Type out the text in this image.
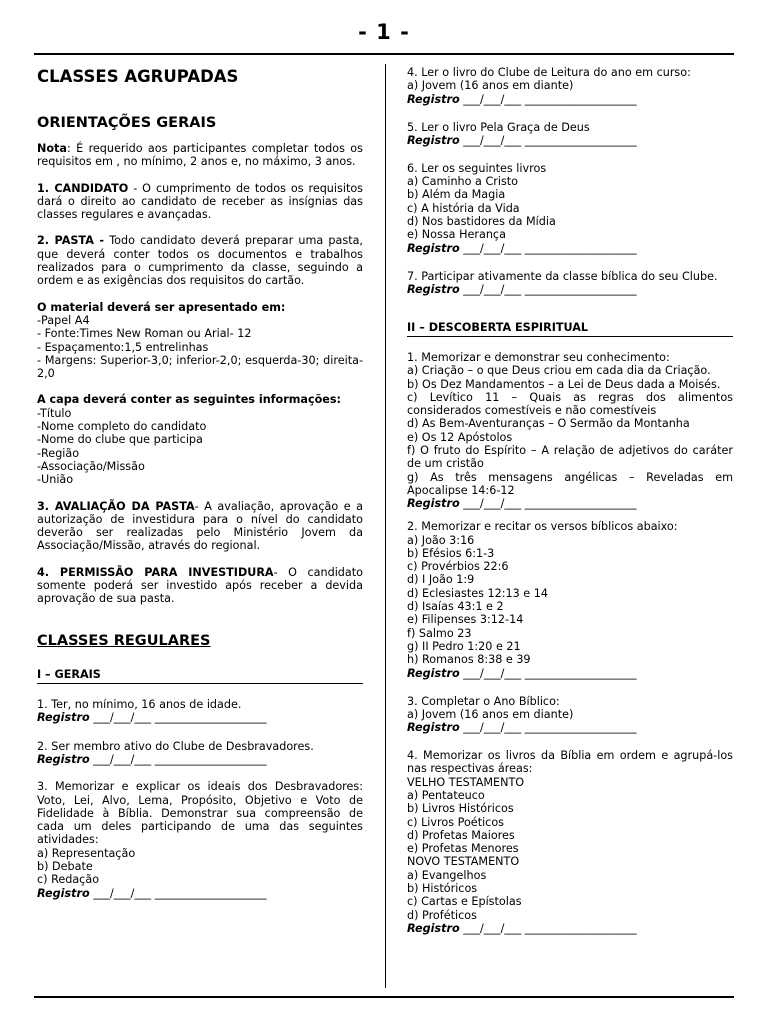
- 1 -
CLASSES AGRUPADAS
ORIENTAÇÕES GERAIS

Nota: É requerido aos participantes completar todos os requisitos em , no mínimo, 2 anos e, no máximo, 3 anos.

1. CANDIDATO - O cumprimento de todos os requisitos dará o direito ao candidato de receber as insígnias das classes regulares e avançadas.

2. PASTA - Todo candidato deverá preparar uma pasta, que deverá conter todos os documentos e trabalhos realizados para o cumprimento da classe, seguindo a ordem e as exigências dos requisitos do cartão.

O material deverá ser apresentado em:
-Papel A4
- Fonte:Times New Roman ou Arial- 12
- Espaçamento:1,5 entrelinhas

- Margens: Superior-3,0; inferior-2,0; esquerda-30; direita-2,0

A capa deverá conter as seguintes informações:
-Título
-Nome completo do candidato
-Nome do clube que participa
-Região
-Associação/Missão
-União

3. AVALIAÇÃO DA PASTA- A avaliação, aprovação e a autorização de investidura para o nível do candidato deverão ser realizadas pelo Ministério Jovem da Associação/Missão, através do regional.

4. PERMISSÃO PARA INVESTIDURA- O candidato somente poderá ser investido após receber a devida aprovação de sua pasta.

CLASSES REGULARES
I – GERAIS
1. Ter, no mínimo, 16 anos de idade.
Registro ___/___/___ ____________________
2. Ser membro ativo do Clube de Desbravadores.
Registro ___/___/___ ____________________

3. Memorizar e explicar os ideais dos Desbravadores: Voto, Lei, Alvo, Lema, Propósito, Objetivo e Voto de Fidelidade à Bíblia. Demonstrar sua compreensão de cada um deles participando de uma das seguintes atividades:

a) Representação
b) Debate
c) Redação
Registro ___/___/___ ____________________
4. Ler o livro do Clube de Leitura do ano em curso:
a) Jovem (16 anos em diante)
Registro ___/___/___ ____________________
5. Ler o livro Pela Graça de Deus
Registro ___/___/___ ____________________
6. Ler os seguintes livros
a) Caminho a Cristo
b) Além da Magia
c) A história da Vida
d) Nos bastidores da Mídia
e) Nossa Herança
Registro ___/___/___ ____________________
7. Participar ativamente da classe bíblica do seu Clube.
Registro ___/___/___ ____________________
II – DESCOBERTA ESPIRITUAL
1. Memorizar e demonstrar seu conhecimento:

a) Criação – o que Deus criou em cada dia da Criação.

b) Os Dez Mandamentos – a Lei de Deus dada a Moisés.

c) Levítico 11 – Quais as regras dos alimentos considerados comestíveis e não comestíveis

d) As Bem-Aventuranças – O Sermão da Montanha

e) Os 12 Apóstolos

f) O fruto do Espírito – A relação de adjetivos do caráter de um cristão

g) As três mensagens angélicas – Reveladas em Apocalipse 14:6-12

Registro ___/___/___ ____________________
2. Memorizar e recitar os versos bíblicos abaixo:
a) João 3:16
b) Efésios 6:1-3
c) Provérbios 22:6
d) I João 1:9
d) Eclesiastes 12:13 e 14
d) Isaías 43:1 e 2
e) Filipenses 3:12-14
f) Salmo 23
g) II Pedro 1:20 e 21
h) Romanos 8:38 e 39
Registro ___/___/___ ____________________
3. Completar o Ano Bíblico:
a) Jovem (16 anos em diante)
Registro ___/___/___ ____________________

4. Memorizar os livros da Bíblia em ordem e agrupá-los nas respectivas áreas:

VELHO TESTAMENTO
a) Pentateuco
b) Livros Históricos
c) Livros Poéticos
d) Profetas Maiores
e) Profetas Menores
NOVO TESTAMENTO
a) Evangelhos
b) Históricos
c) Cartas e Epístolas
d) Proféticos
Registro ___/___/___ ____________________
